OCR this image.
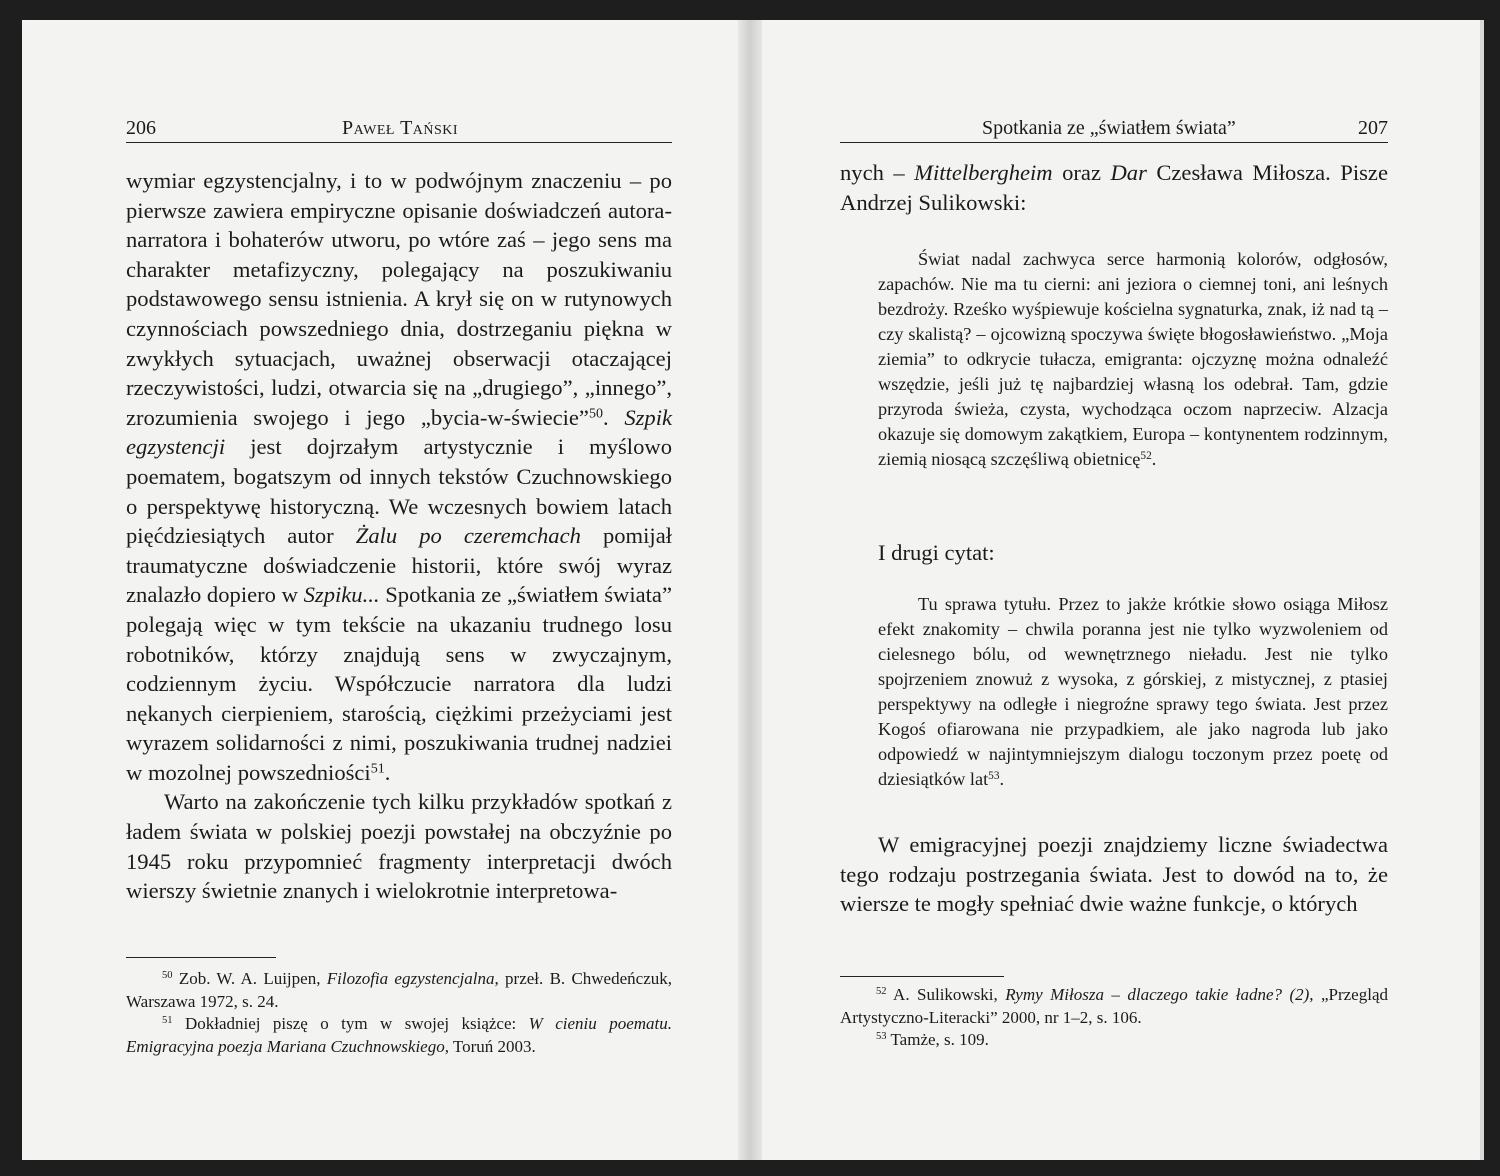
206	Paweł Tański

wymiar egzystencjalny, i to w podwójnym znaczeniu – po pierwsze zawiera empiryczne opisanie doświadczeń autora-narratora i bohaterów utworu, po wtóre zaś – jego sens ma charakter metafizyczny, polegający na poszukiwaniu podstawowego sensu istnienia. A krył się on w rutynowych czynnościach powszedniego dnia, dostrzeganiu piękna w zwykłych sytuacjach, uważnej obserwacji otaczającej rzeczywistości, ludzi, otwarcia się na „drugiego”, „innego”, zrozumienia swojego i jego „bycia-w-świecie”$^{50}$. Szpik egzystencji jest dojrzałym artystycznie i myślowo poematem, bogatszym od innych tekstów Czuchnowskiego o perspektywę historyczną. We wczesnych bowiem latach pięćdziesiątych autor Żalu po czeremchach pomijał traumatyczne doświadczenie historii, które swój wyraz znalazło dopiero w Szpiku... Spotkania ze „światłem świata” polegają więc w tym tekście na ukazaniu trudnego losu robotników, którzy znajdują sens w zwyczajnym, codziennym życiu. Współczucie narratora dla ludzi nękanych cierpieniem, starością, ciężkimi przeżyciami jest wyrazem solidarności z nimi, poszukiwania trudnej nadziei w mozolnej powszedniości$^{51}$.

Warto na zakończenie tych kilku przykładów spotkań z ładem świata w polskiej poezji powstałej na obczyźnie po 1945 roku przypomnieć fragmenty interpretacji dwóch wierszy świetnie znanych i wielokrotnie interpretowa-

$^{50}$ Zob. W. A. Luijpen, Filozofia egzystencjalna, przeł. B. Chwedeńczuk, Warszawa 1972, s. 24.

$^{51}$ Dokładniej piszę o tym w swojej książce: W cieniu poematu. Emigracyjna poezja Mariana Czuchnowskiego, Toruń 2003.

Spotkania ze „światłem świata”	207

nych – Mittelbergheim oraz Dar Czesława Miłosza. Pisze Andrzej Sulikowski:

Świat nadal zachwyca serce harmonią kolorów, odgłosów, zapachów. Nie ma tu cierni: ani jeziora o ciemnej toni, ani leśnych bezdroży. Rześko wyśpiewuje kościelna sygnaturka, znak, iż nad tą – czy skalistą? – ojcowizną spoczywa święte błogosławieństwo. „Moja ziemia” to odkrycie tułacza, emigranta: ojczyznę można odnaleźć wszędzie, jeśli już tę najbardziej własną los odebrał. Tam, gdzie przyroda świeża, czysta, wychodząca oczom naprzeciw. Alzacja okazuje się domowym zakątkiem, Europa – kontynentem rodzinnym, ziemią niosącą szczęśliwą obietnicę$^{52}$.

I drugi cytat:

Tu sprawa tytułu. Przez to jakże krótkie słowo osiąga Miłosz efekt znakomity – chwila poranna jest nie tylko wyzwoleniem od cielesnego bólu, od wewnętrznego nieładu. Jest nie tylko spojrzeniem znowuż z wysoka, z górskiej, z mistycznej, z ptasiej perspektywy na odległe i niegroźne sprawy tego świata. Jest przez Kogoś ofiarowana nie przypadkiem, ale jako nagroda lub jako odpowiedź w najintymniejszym dialogu toczonym przez poetę od dziesiątków lat$^{53}$.

W emigracyjnej poezji znajdziemy liczne świadectwa tego rodzaju postrzegania świata. Jest to dowód na to, że wiersze te mogły spełniać dwie ważne funkcje, o których

$^{52}$ A. Sulikowski, Rymy Miłosza – dlaczego takie ładne? (2), „Przegląd Artystyczno-Literacki” 2000, nr 1–2, s. 106.

$^{53}$ Tamże, s. 109.
